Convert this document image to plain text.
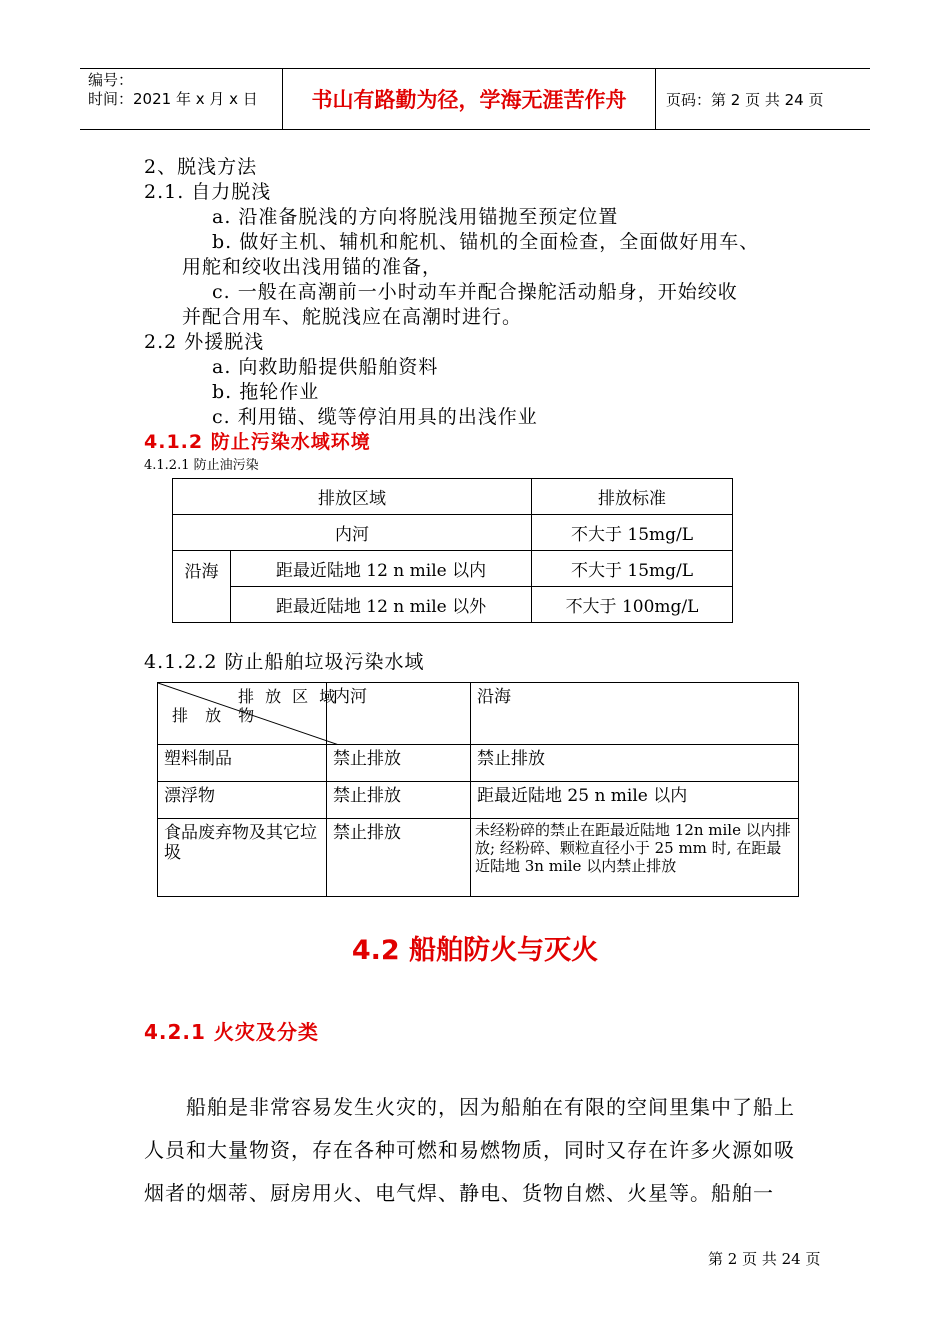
编号：
时间：2021 年 x 月 x 日	书山有路勤为径，学海无涯苦作舟	页码：第 2 页 共 24 页
2、脱浅方法
2.1. 自力脱浅
a. 沿准备脱浅的方向将脱浅用锚抛至预定位置
b. 做好主机、辅机和舵机、锚机的全面检查，全面做好用车、
用舵和绞收出浅用锚的准备，
c. 一般在高潮前一小时动车并配合操舵活动船身，开始绞收
并配合用车、舵脱浅应在高潮时进行。
2.2 外援脱浅
a. 向救助船提供船舶资料
b. 拖轮作业
c. 利用锚、缆等停泊用具的出浅作业
4.1.2 防止污染水域环境
4.1.2.1 防止油污染
排放区域		排放标准
内河		不大于 15mg/L
沿海	距最近陆地 12 n mile 以内	不大于 15mg/L
	距最近陆地 12 n mile 以外	不大于 100mg/L
4.1.2.2 防止船舶垃圾污染水域
排 放 区 域
排 放 物	内河	沿海
塑料制品	禁止排放	禁止排放
漂浮物	禁止排放	距最近陆地 25 n mile 以内
食品废弃物及其它垃圾	禁止排放	未经粉碎的禁止在距最近陆地 12n mile 以内排放; 经粉碎、颗粒直径小于 25 mm 时, 在距最近陆地 3n mile 以内禁止排放
4.2 船舶防火与灭火
4.2.1 火灾及分类
船舶是非常容易发生火灾的，因为船舶在有限的空间里集中了船上人员和大量物资，存在各种可燃和易燃物质，同时又存在许多火源如吸烟者的烟蒂、厨房用火、电气焊、静电、货物自燃、火星等。船舶一
第 2 页 共 24 页
